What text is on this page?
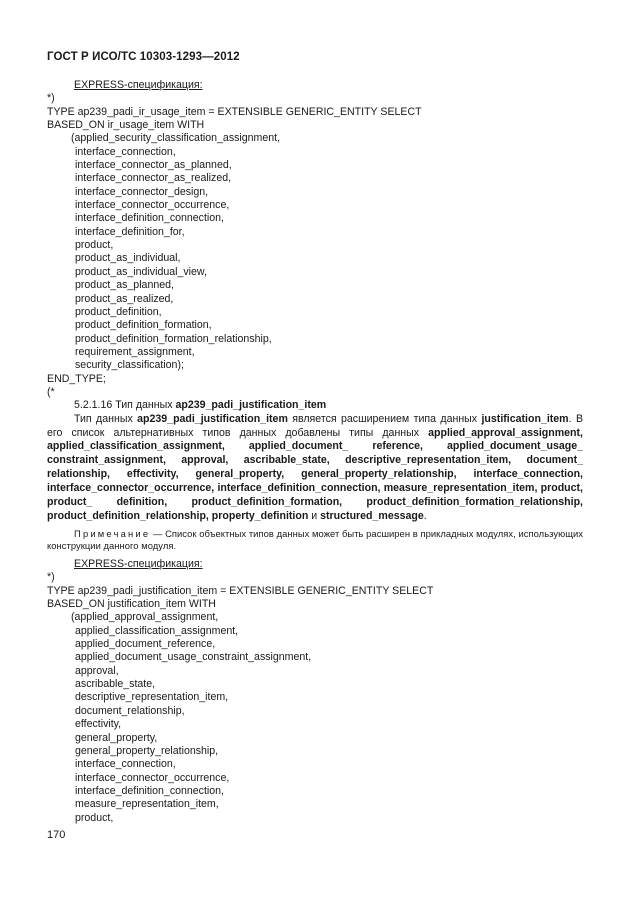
ГОСТ Р ИСО/ТС 10303-1293—2012
EXPRESS-спецификация:
*)
TYPE ap239_padi_ir_usage_item = EXTENSIBLE GENERIC_ENTITY SELECT
BASED_ON ir_usage_item WITH
(applied_security_classification_assignment,
interface_connection,
interface_connector_as_planned,
interface_connector_as_realized,
interface_connector_design,
interface_connector_occurrence,
interface_definition_connection,
interface_definition_for,
product,
product_as_individual,
product_as_individual_view,
product_as_planned,
product_as_realized,
product_definition,
product_definition_formation,
product_definition_formation_relationship,
requirement_assignment,
security_classification);
END_TYPE;
(*
5.2.1.16 Тип данных ap239_padi_justification_item
Тип данных ap239_padi_justification_item является расширением типа данных justification_item. В его список альтернативных типов данных добавлены типы данных applied_approval_assignment, applied_classification_assignment, applied_document_ reference, applied_document_usage_ constraint_assignment, approval, ascribable_state, descriptive_representation_item, document_ relationship, effectivity, general_property, general_property_relationship, interface_connection, interface_connector_occurrence, interface_definition_connection, measure_representation_item, product, product_ definition, product_definition_formation, product_definition_formation_relationship, product_definition_relationship, property_definition и structured_message.
Примечание — Список объектных типов данных может быть расширен в прикладных модулях, использующих конструкции данного модуля.
EXPRESS-спецификация:
*)
TYPE ap239_padi_justification_item = EXTENSIBLE GENERIC_ENTITY SELECT
BASED_ON justification_item WITH
(applied_approval_assignment,
applied_classification_assignment,
applied_document_reference,
applied_document_usage_constraint_assignment,
approval,
ascribable_state,
descriptive_representation_item,
document_relationship,
effectivity,
general_property,
general_property_relationship,
interface_connection,
interface_connector_occurrence,
interface_definition_connection,
measure_representation_item,
product,
170
